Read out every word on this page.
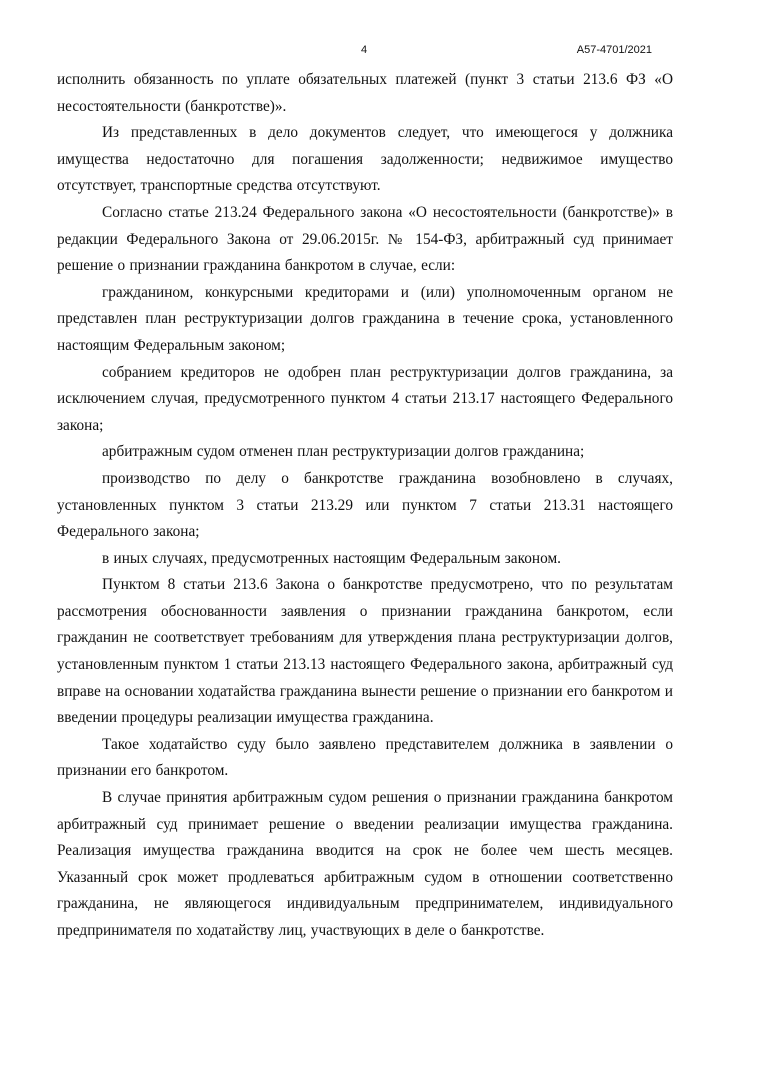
4	А57-4701/2021

исполнить обязанность по уплате обязательных платежей (пункт 3 статьи 213.6 ФЗ «О несостоятельности (банкротстве)».

Из представленных в дело документов следует, что имеющегося у должника имущества недостаточно для погашения задолженности; недвижимое имущество отсутствует, транспортные средства отсутствуют.

Согласно статье 213.24 Федерального закона «О несостоятельности (банкротстве)» в редакции Федерального Закона от 29.06.2015г. № 154-ФЗ, арбитражный суд принимает решение о признании гражданина банкротом в случае, если:

гражданином, конкурсными кредиторами и (или) уполномоченным органом не представлен план реструктуризации долгов гражданина в течение срока, установленного настоящим Федеральным законом;

собранием кредиторов не одобрен план реструктуризации долгов гражданина, за исключением случая, предусмотренного пунктом 4 статьи 213.17 настоящего Федерального закона;

арбитражным судом отменен план реструктуризации долгов гражданина;

производство по делу о банкротстве гражданина возобновлено в случаях, установленных пунктом 3 статьи 213.29 или пунктом 7 статьи 213.31 настоящего Федерального закона;

в иных случаях, предусмотренных настоящим Федеральным законом.

Пунктом 8 статьи 213.6 Закона о банкротстве предусмотрено, что по результатам рассмотрения обоснованности заявления о признании гражданина банкротом, если гражданин не соответствует требованиям для утверждения плана реструктуризации долгов, установленным пунктом 1 статьи 213.13 настоящего Федерального закона, арбитражный суд вправе на основании ходатайства гражданина вынести решение о признании его банкротом и введении процедуры реализации имущества гражданина.

Такое ходатайство суду было заявлено представителем должника в заявлении о признании его банкротом.

В случае принятия арбитражным судом решения о признании гражданина банкротом арбитражный суд принимает решение о введении реализации имущества гражданина. Реализация имущества гражданина вводится на срок не более чем шесть месяцев. Указанный срок может продлеваться арбитражным судом в отношении соответственно гражданина, не являющегося индивидуальным предпринимателем, индивидуального предпринимателя по ходатайству лиц, участвующих в деле о банкротстве.
